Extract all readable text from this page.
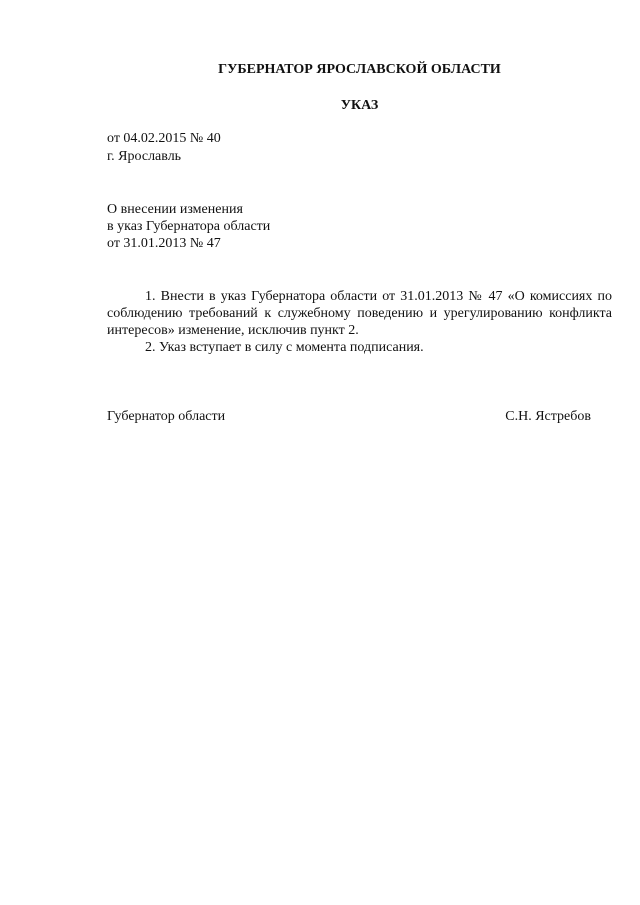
ГУБЕРНАТОР ЯРОСЛАВСКОЙ ОБЛАСТИ
УКАЗ
от 04.02.2015 № 40
г. Ярославль
О внесении изменения
в указ Губернатора области
от 31.01.2013 № 47

1. Внести в указ Губернатора области от 31.01.2013 № 47 «О комиссиях по соблюдению требований к служебному поведению и урегулированию конфликта интересов» изменение, исключив пункт 2.

2. Указ вступает в силу с момента подписания.

Губернатор области	С.Н. Ястребов
